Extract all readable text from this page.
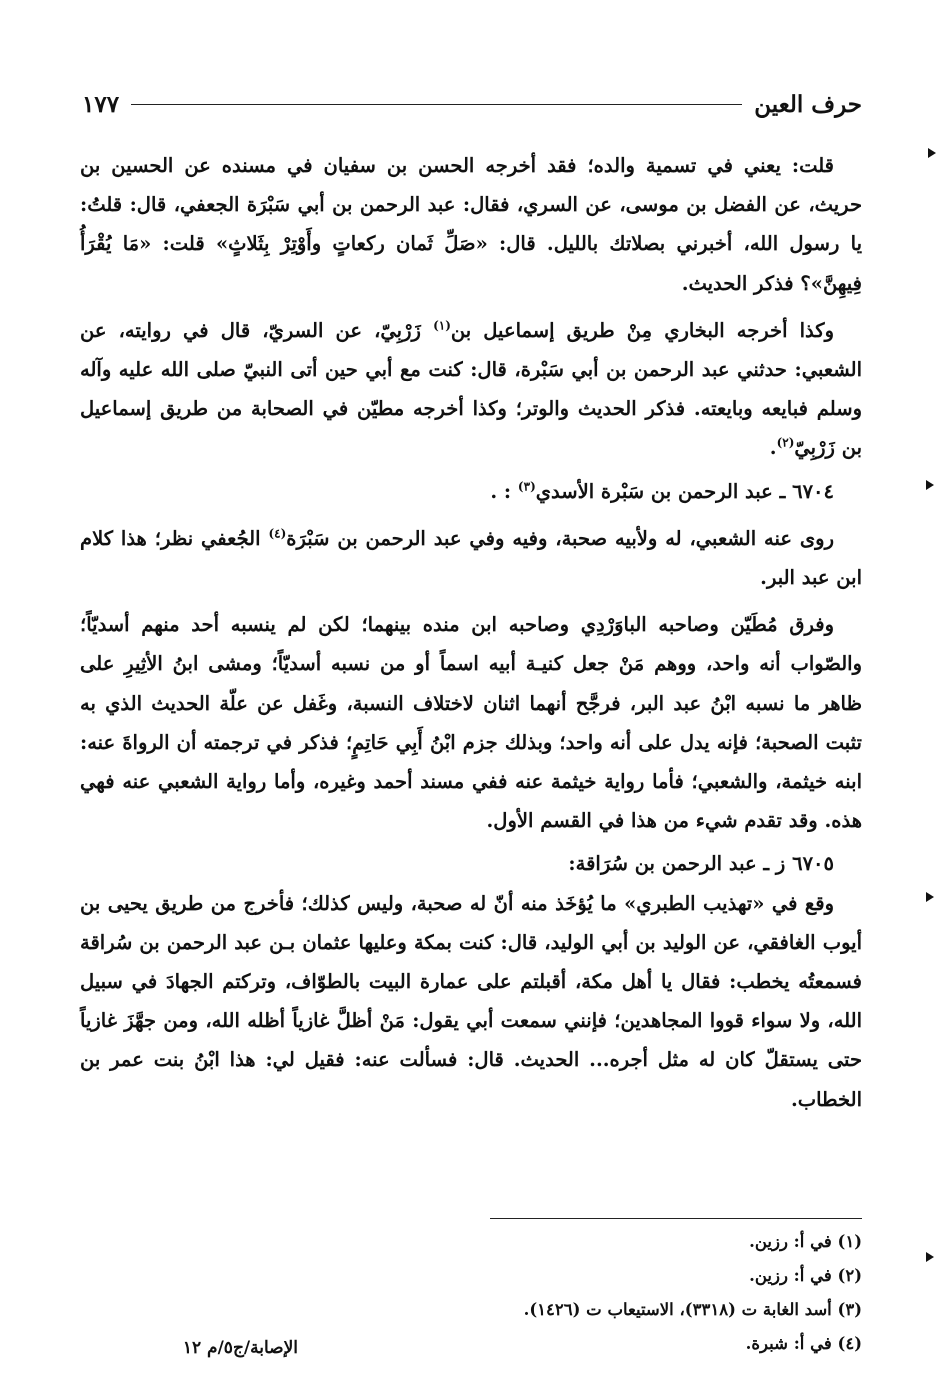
حرف العين
١٧٧

قلت: يعني في تسمية والده؛ فقد أخرجه الحسن بن سفيان في مسنده عن الحسين بن حريث، عن الفضل بن موسى، عن السري، فقال: عبد الرحمن بن أبي سَبْرَة الجعفي، قال: قلتُ: يا رسول الله، أخبرني بصلاتك بالليل. قال: «صَلِّ ثَمان ركعاتٍ وأَوْتِرْ بِثَلاثٍ» قلت: «مَا يُقْرَأُ فِيهِنَّ»؟ فذكر الحديث.

وكذا أخرجه البخاري مِنْ طريق إسماعيل بن$^{(١)}$ زَرْبِيّ، عن السريّ، قال في روايته، عن الشعبي: حدثني عبد الرحمن بن أبي سَبْرة، قال: كنت مع أبي حين أتى النبيّ صلى الله عليه وآله وسلم فبايعه وبايعته. فذكر الحديث والوتر؛ وكذا أخرجه مطيّن في الصحابة من طريق إسماعيل بن زَرْبِيّ$^{(٢)}$.

٦٧٠٤ ـ عبد الرحمن بن سَبْرة الأسدي$^{(٣)}$ : .

روى عنه الشعبي، له ولأبيه صحبة، وفيه وفي عبد الرحمن بن سَبْرَة$^{(٤)}$ الجُعفي نظر؛ هذا كلام ابن عبد البر.

وفرق مُطَيّن وصاحبه الباوَرْدِي وصاحبه ابن منده بينهما؛ لكن لم ينسبه أحد منهم أسديّاً؛ والصّواب أنه واحد، ووهم مَنْ جعل كنيـة أبيه اسماً أو من نسبه أسديّاً؛ ومشى ابنُ الأثِيرِ على ظاهر ما نسبه ابْنُ عبد البر، فرجَّح أنهما اثنان لاختلاف النسبة، وغَفل عن علّة الحديث الذي به تثبت الصحبة؛ فإنه يدل على أنه واحد؛ وبذلك جزم ابْنُ أَبِي حَاتِمٍ؛ فذكر في ترجمته أن الرواةَ عنه: ابنه خيثمة، والشعبي؛ فأما رواية خيثمة عنه ففي مسند أحمد وغيره، وأما رواية الشعبي عنه فهي هذه. وقد تقدم شيء من هذا في القسم الأول.

٦٧٠٥ ز ـ عبد الرحمن بن سُرَاقة:

وقع في «تهذيب الطبري» ما يُؤخَذ منه أنّ له صحبة، وليس كذلك؛ فأخرج من طريق يحيى بن أيوب الغافقي، عن الوليد بن أبي الوليد، قال: كنت بمكة وعليها عثمان بـن عبد الرحمن بن سُراقة فسمعتُه يخطب: فقال يا أهل مكة، أقبلتم على عمارة البيت بالطوّاف، وتركتم الجهادَ في سبيل الله، ولا سواء قووا المجاهدين؛ فإنني سمعت أبي يقول: مَنْ أظلَّ غازياً أظله الله، ومن جهَّزَ غازياً حتى يستقلّ كان له مثل أجره... الحديث. قال: فسألت عنه: فقيل لي: هذا ابْنُ بنت عمر بن الخطاب.

(١) في أ: رزين.

(٢) في أ: رزين.

(٣) أسد الغابة ت (٣٣١٨)، الاستيعاب ت (١٤٢٦).

(٤) في أ: شبرة.

الإصابة/ج٥/م ١٢
